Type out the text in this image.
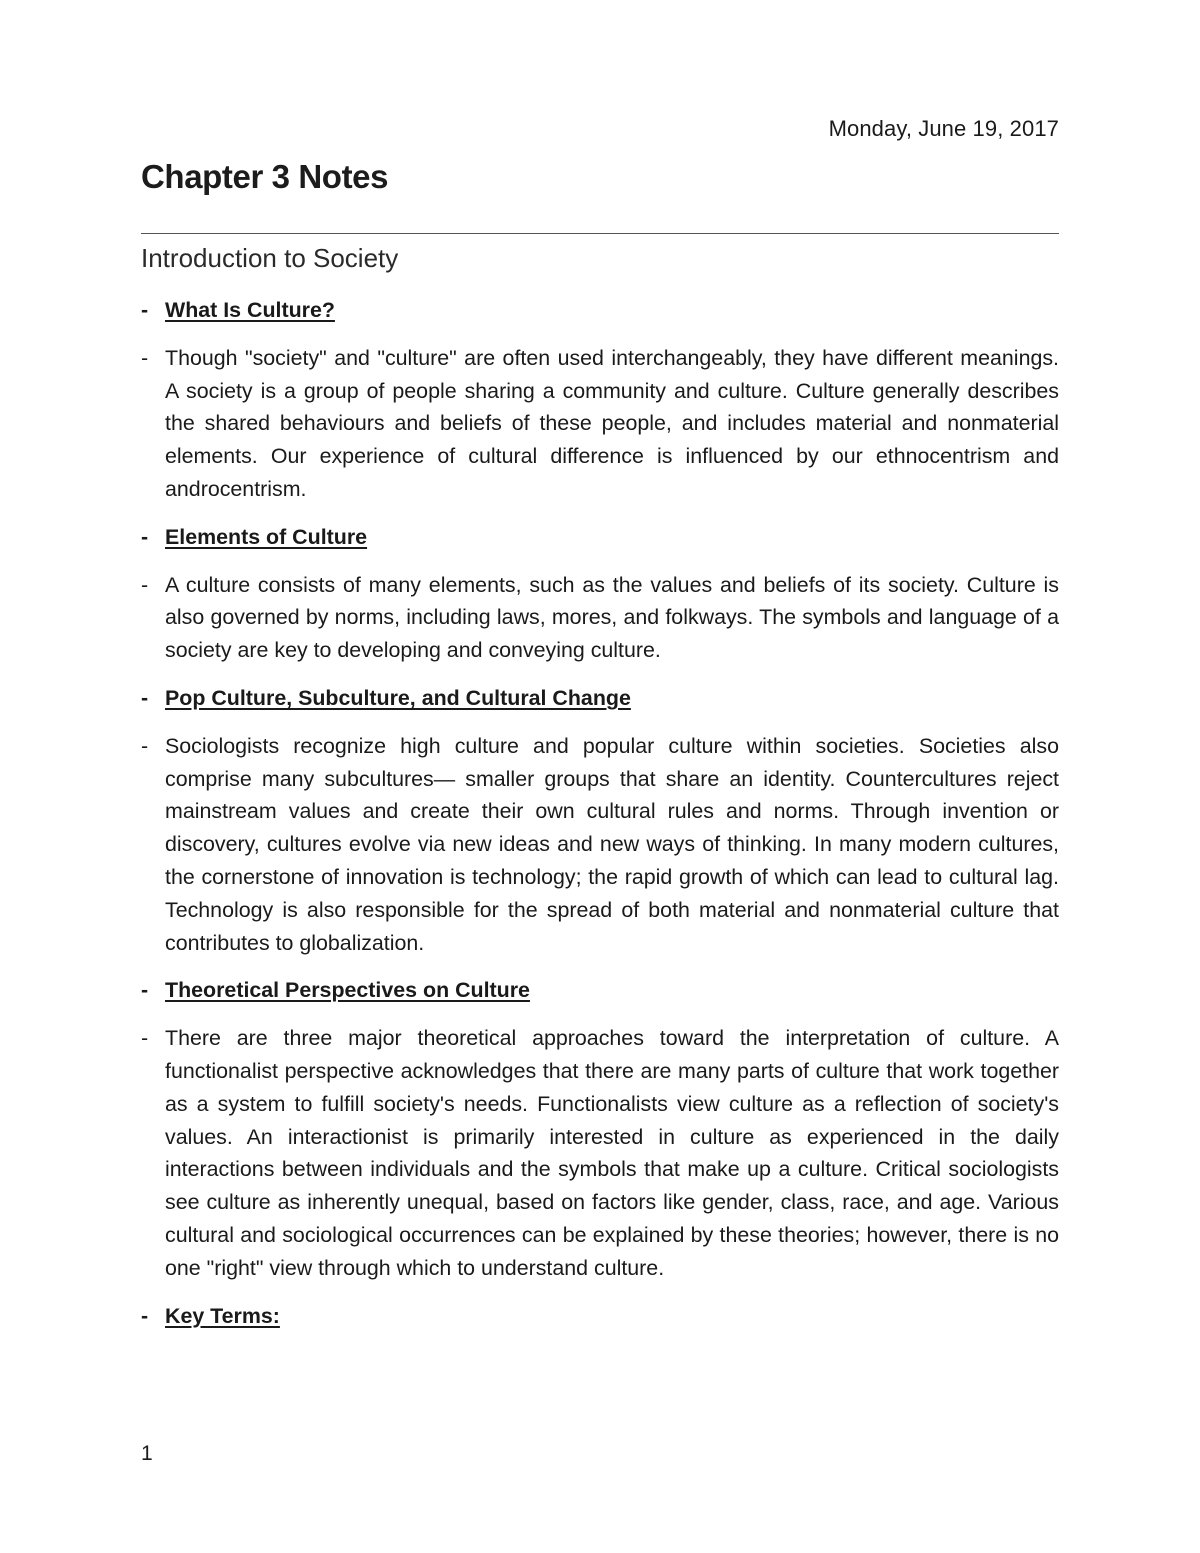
Monday, June 19, 2017
Chapter 3 Notes
Introduction to Society
- What Is Culture?
- Though "society" and "culture" are often used interchangeably, they have different meanings. A society is a group of people sharing a community and culture. Culture generally describes the shared behaviours and beliefs of these people, and includes material and nonmaterial elements. Our experience of cultural difference is influenced by our ethnocentrism and androcentrism.
- Elements of Culture
- A culture consists of many elements, such as the values and beliefs of its society. Culture is also governed by norms, including laws, mores, and folkways. The symbols and language of a society are key to developing and conveying culture.
- Pop Culture, Subculture, and Cultural Change
- Sociologists recognize high culture and popular culture within societies. Societies also comprise many subcultures— smaller groups that share an identity. Countercultures reject mainstream values and create their own cultural rules and norms. Through invention or discovery, cultures evolve via new ideas and new ways of thinking. In many modern cultures, the cornerstone of innovation is technology; the rapid growth of which can lead to cultural lag. Technology is also responsible for the spread of both material and nonmaterial culture that contributes to globalization.
- Theoretical Perspectives on Culture
- There are three major theoretical approaches toward the interpretation of culture. A functionalist perspective acknowledges that there are many parts of culture that work together as a system to fulfill society's needs. Functionalists view culture as a reflection of society's values. An interactionist is primarily interested in culture as experienced in the daily interactions between individuals and the symbols that make up a culture. Critical sociologists see culture as inherently unequal, based on factors like gender, class, race, and age. Various cultural and sociological occurrences can be explained by these theories; however, there is no one "right" view through which to understand culture.
- Key Terms:
1
